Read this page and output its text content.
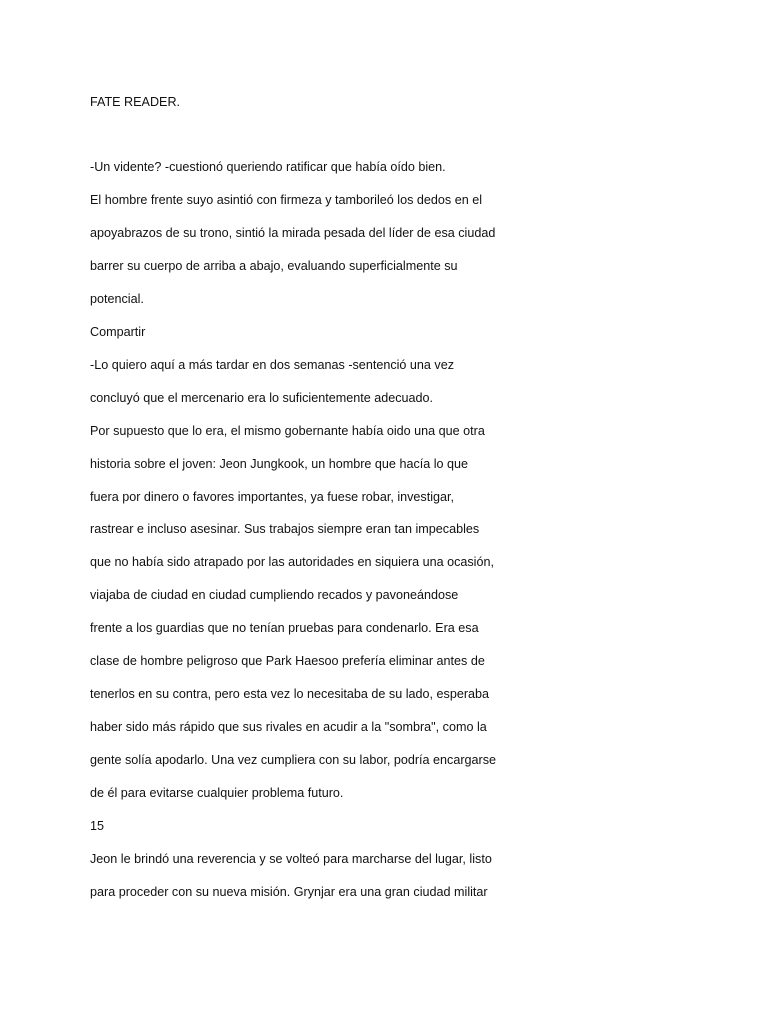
FATE READER.
-Un vidente? -cuestionó queriendo ratificar que había oído bien.
El hombre frente suyo asintió con firmeza y tamborileó los dedos en el
apoyabrazos de su trono, sintió la mirada pesada del líder de esa ciudad
barrer su cuerpo de arriba a abajo, evaluando superficialmente su
potencial.
Compartir
-Lo quiero aquí a más tardar en dos semanas -sentenció una vez
concluyó que el mercenario era lo suficientemente adecuado.
Por supuesto que lo era, el mismo gobernante había oido una que otra
historia sobre el joven: Jeon Jungkook, un hombre que hacía lo que
fuera por dinero o favores importantes, ya fuese robar, investigar,
rastrear e incluso asesinar. Sus trabajos siempre eran tan impecables
que no había sido atrapado por las autoridades en siquiera una ocasión,
viajaba de ciudad en ciudad cumpliendo recados y pavoneándose
frente a los guardias que no tenían pruebas para condenarlo. Era esa
clase de hombre peligroso que Park Haesoo prefería eliminar antes de
tenerlos en su contra, pero esta vez lo necesitaba de su lado, esperaba
haber sido más rápido que sus rivales en acudir a la "sombra", como la
gente solía apodarlo. Una vez cumpliera con su labor, podría encargarse
de él para evitarse cualquier problema futuro.
15
Jeon le brindó una reverencia y se volteó para marcharse del lugar, listo
para proceder con su nueva misión. Grynjar era una gran ciudad militar
